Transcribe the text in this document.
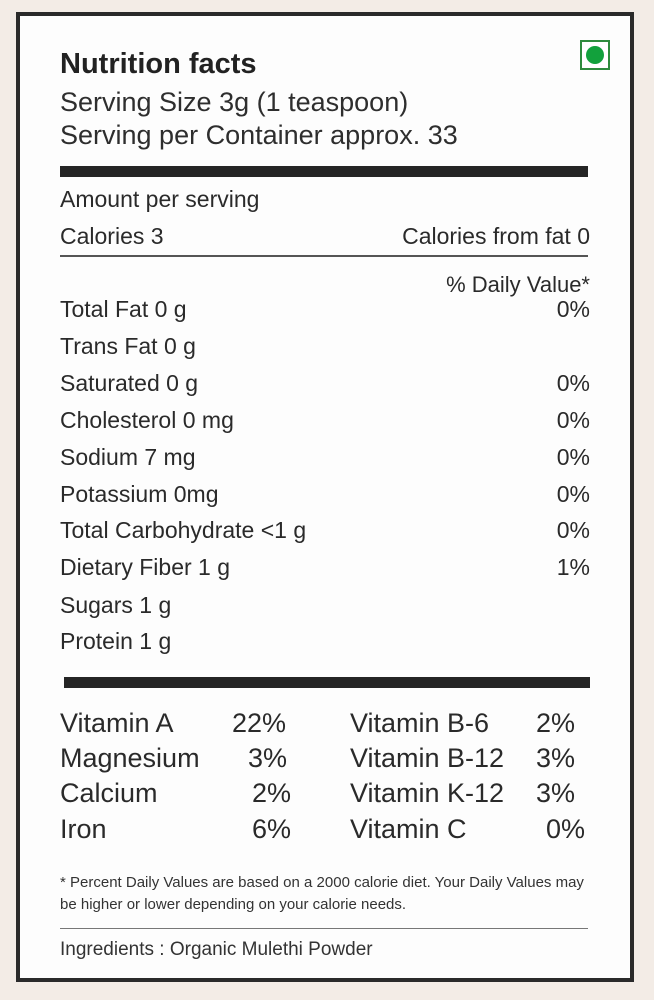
Nutrition facts
Serving Size 3g (1 teaspoon)
Serving per Container approx. 33
Amount per serving
Calories 3	Calories from fat 0
% Daily Value*
Total Fat 0 g	0%
Trans Fat 0 g
Saturated 0 g	0%
Cholesterol 0 mg	0%
Sodium 7 mg	0%
Potassium 0mg	0%
Total Carbohydrate <1 g	0%
Dietary Fiber 1 g	1%
Sugars 1 g
Protein 1 g
Vitamin A 22% Vitamin B-6 2%
Magnesium 3% Vitamin B-12 3%
Calcium	2% Vitamin K-12 3%
Iron	6% Vitamin C	0%
* Percent Daily Values are based on a 2000 calorie diet. Your Daily Values may be higher or lower depending on your calorie needs.
Ingredients : Organic Mulethi Powder
